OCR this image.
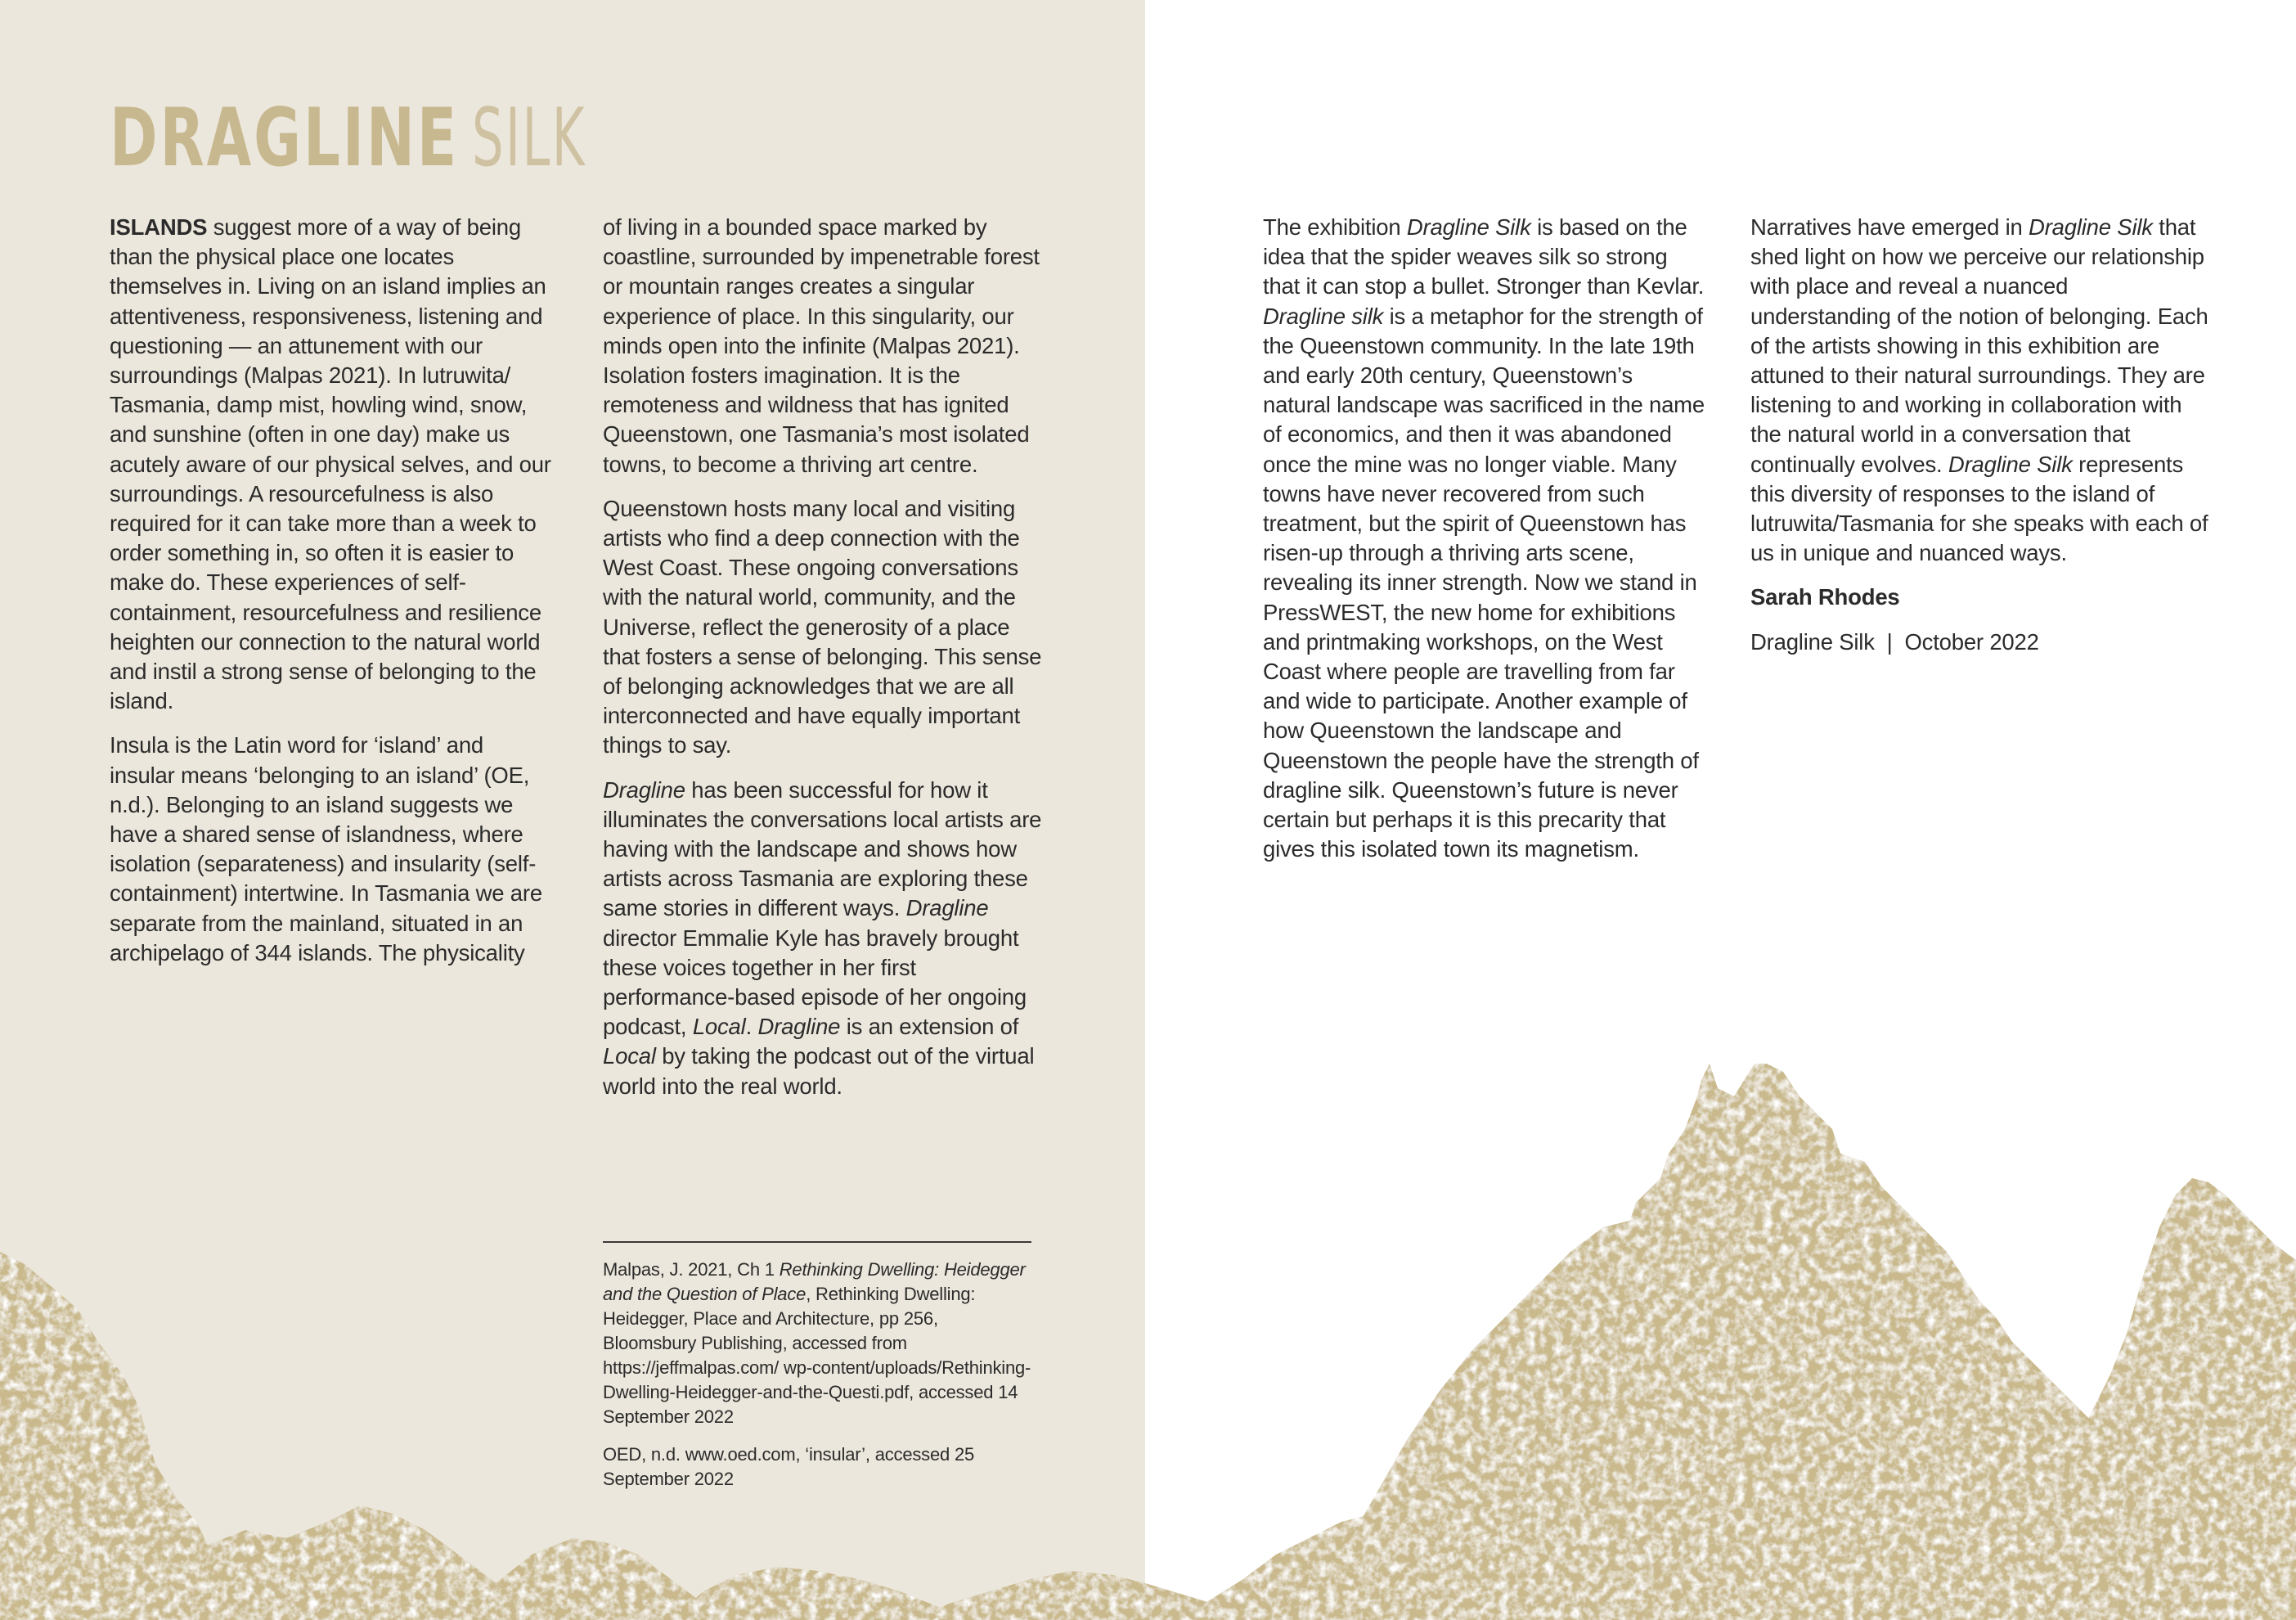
DRAGLINE SILK

ISLANDS suggest more of a way of being than the physical place one locates themselves in. Living on an island implies an attentiveness, responsiveness, listening and questioning — an attunement with our surroundings (Malpas 2021). In lutruwita/ Tasmania, damp mist, howling wind, snow, and sunshine (often in one day) make us acutely aware of our physical selves, and our surroundings. A resourcefulness is also required for it can take more than a week to order something in, so often it is easier to make do. These experiences of self-containment, resourcefulness and resilience heighten our connection to the natural world and instil a strong sense of belonging to the island.

Insula is the Latin word for ‘island’ and insular means ‘belonging to an island’ (OE, n.d.). Belonging to an island suggests we have a shared sense of islandness, where isolation (separateness) and insularity (self-containment) intertwine. In Tasmania we are separate from the mainland, situated in an archipelago of 344 islands. The physicality

of living in a bounded space marked by coastline, surrounded by impenetrable forest or mountain ranges creates a singular experience of place. In this singularity, our minds open into the infinite (Malpas 2021). Isolation fosters imagination. It is the remoteness and wildness that has ignited Queenstown, one Tasmania’s most isolated towns, to become a thriving art centre.

Queenstown hosts many local and visiting artists who find a deep connection with the West Coast. These ongoing conversations with the natural world, community, and the Universe, reflect the generosity of a place that fosters a sense of belonging. This sense of belonging acknowledges that we are all interconnected and have equally important things to say.

Dragline has been successful for how it illuminates the conversations local artists are having with the landscape and shows how artists across Tasmania are exploring these same stories in different ways. Dragline director Emmalie Kyle has bravely brought these voices together in her first performance-based episode of her ongoing podcast, Local. Dragline is an extension of Local by taking the podcast out of the virtual world into the real world.

Malpas, J. 2021, Ch 1 Rethinking Dwelling: Heidegger and the Question of Place, Rethinking Dwelling: Heidegger, Place and Architecture, pp 256, Bloomsbury Publishing, accessed from https://jeffmalpas.com/ wp-content/uploads/Rethinking-Dwelling-Heidegger-and-the-Questi.pdf, accessed 14 September 2022

OED, n.d. www.oed.com, ‘insular’, accessed 25 September 2022

The exhibition Dragline Silk is based on the idea that the spider weaves silk so strong that it can stop a bullet. Stronger than Kevlar. Dragline silk is a metaphor for the strength of the Queenstown community. In the late 19th and early 20th century, Queenstown’s natural landscape was sacrificed in the name of economics, and then it was abandoned once the mine was no longer viable. Many towns have never recovered from such treatment, but the spirit of Queenstown has risen-up through a thriving arts scene, revealing its inner strength. Now we stand in PressWEST, the new home for exhibitions and printmaking workshops, on the West Coast where people are travelling from far and wide to participate. Another example of how Queenstown the landscape and Queenstown the people have the strength of dragline silk. Queenstown’s future is never certain but perhaps it is this precarity that gives this isolated town its magnetism.

Narratives have emerged in Dragline Silk that shed light on how we perceive our relationship with place and reveal a nuanced understanding of the notion of belonging. Each of the artists showing in this exhibition are attuned to their natural surroundings. They are listening to and working in collaboration with the natural world in a conversation that continually evolves. Dragline Silk represents this diversity of responses to the island of lutruwita/Tasmania for she speaks with each of us in unique and nuanced ways.

Sarah Rhodes

Dragline Silk  |  October 2022
